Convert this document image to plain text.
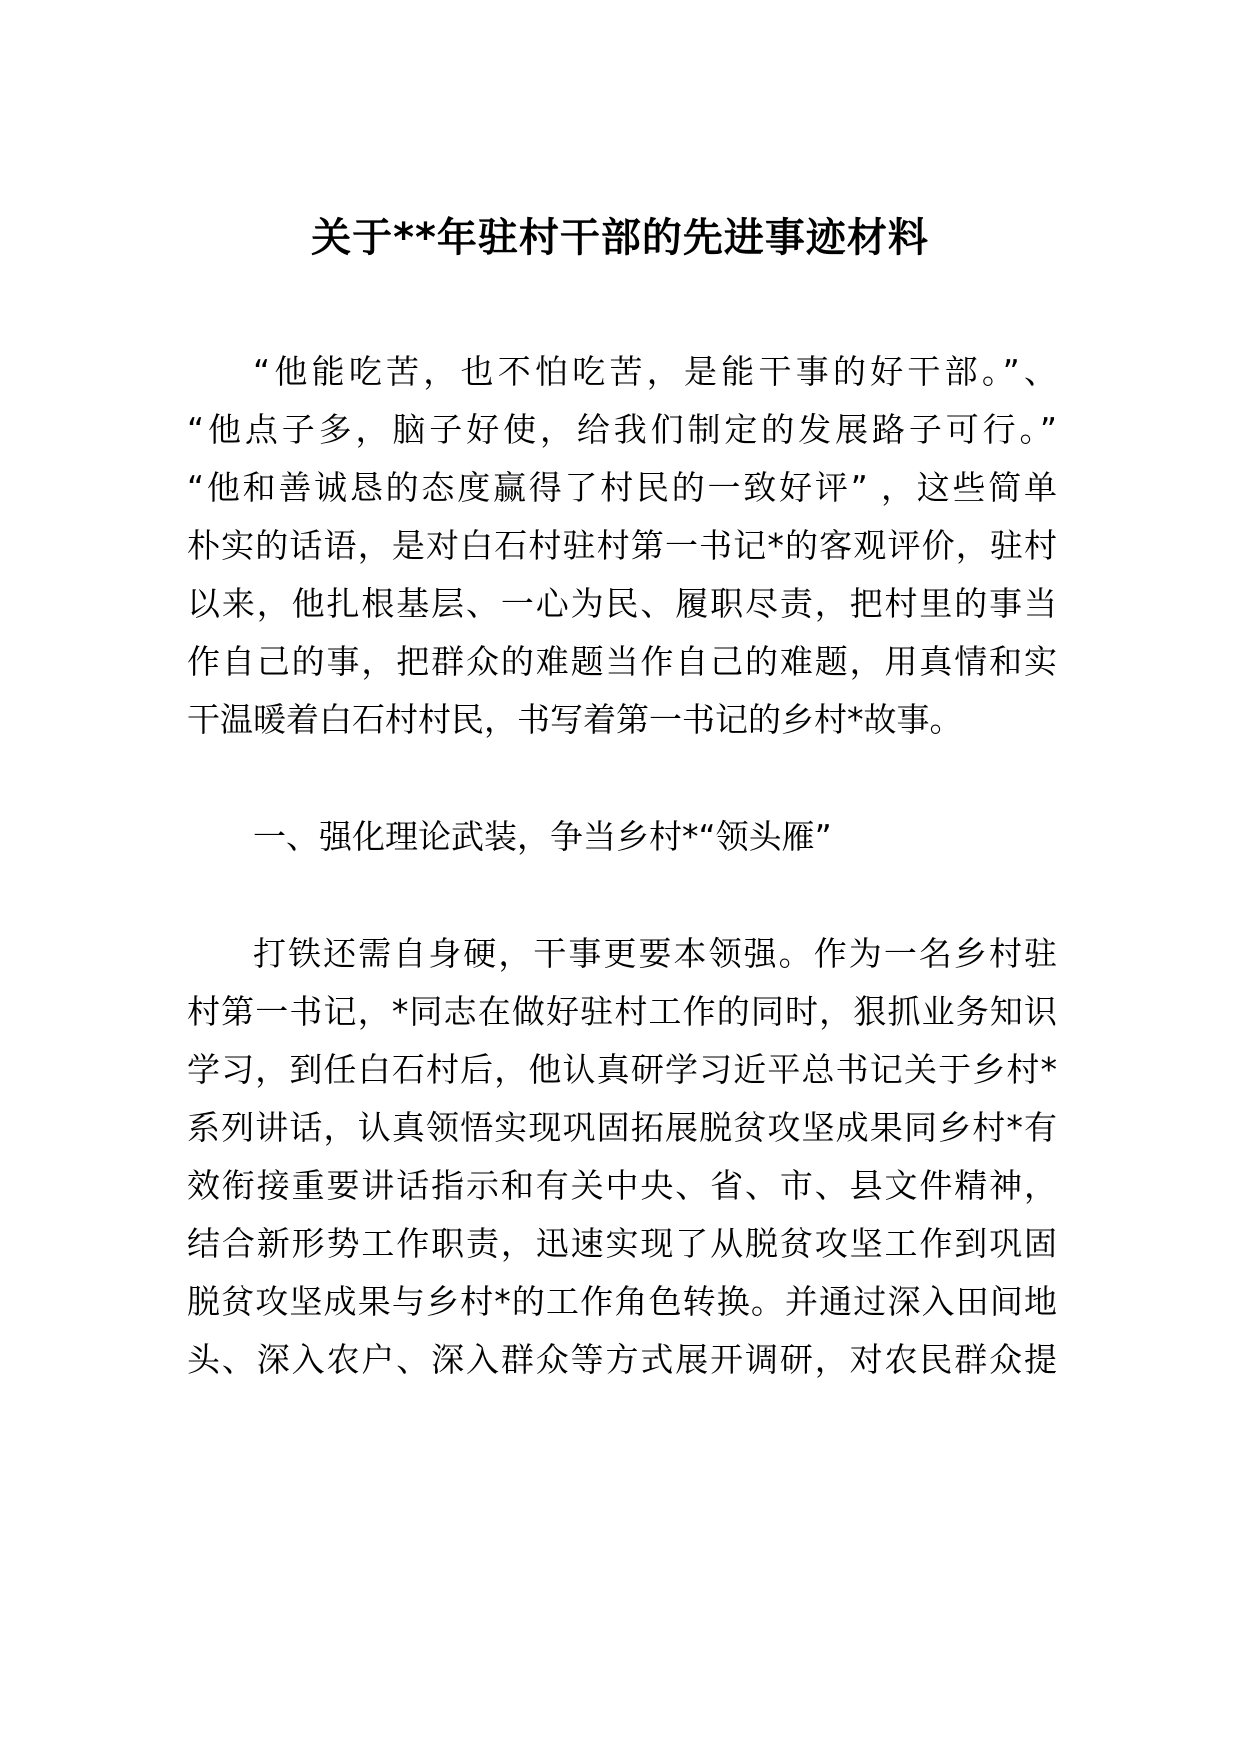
关于**年驻村干部的先进事迹材料
“他能吃苦，也不怕吃苦，是能干事的好干部。”、
“他点子多，脑子好使，给我们制定的发展路子可行。”
“他和善诚恳的态度赢得了村民的一致好评” ，这些简单
朴实的话语，是对白石村驻村第一书记*的客观评价，驻村
以来，他扎根基层、一心为民、履职尽责，把村里的事当
作自己的事，把群众的难题当作自己的难题，用真情和实
干温暖着白石村村民，书写着第一书记的乡村*故事。
一、强化理论武装，争当乡村*“领头雁”
打铁还需自身硬，干事更要本领强。作为一名乡村驻
村第一书记，*同志在做好驻村工作的同时，狠抓业务知识
学习，到任白石村后，他认真研学习近平总书记关于乡村*
系列讲话，认真领悟实现巩固拓展脱贫攻坚成果同乡村*有
效衔接重要讲话指示和有关中央、省、市、县文件精神，
结合新形势工作职责，迅速实现了从脱贫攻坚工作到巩固
脱贫攻坚成果与乡村*的工作角色转换。并通过深入田间地
头、深入农户、深入群众等方式展开调研，对农民群众提
